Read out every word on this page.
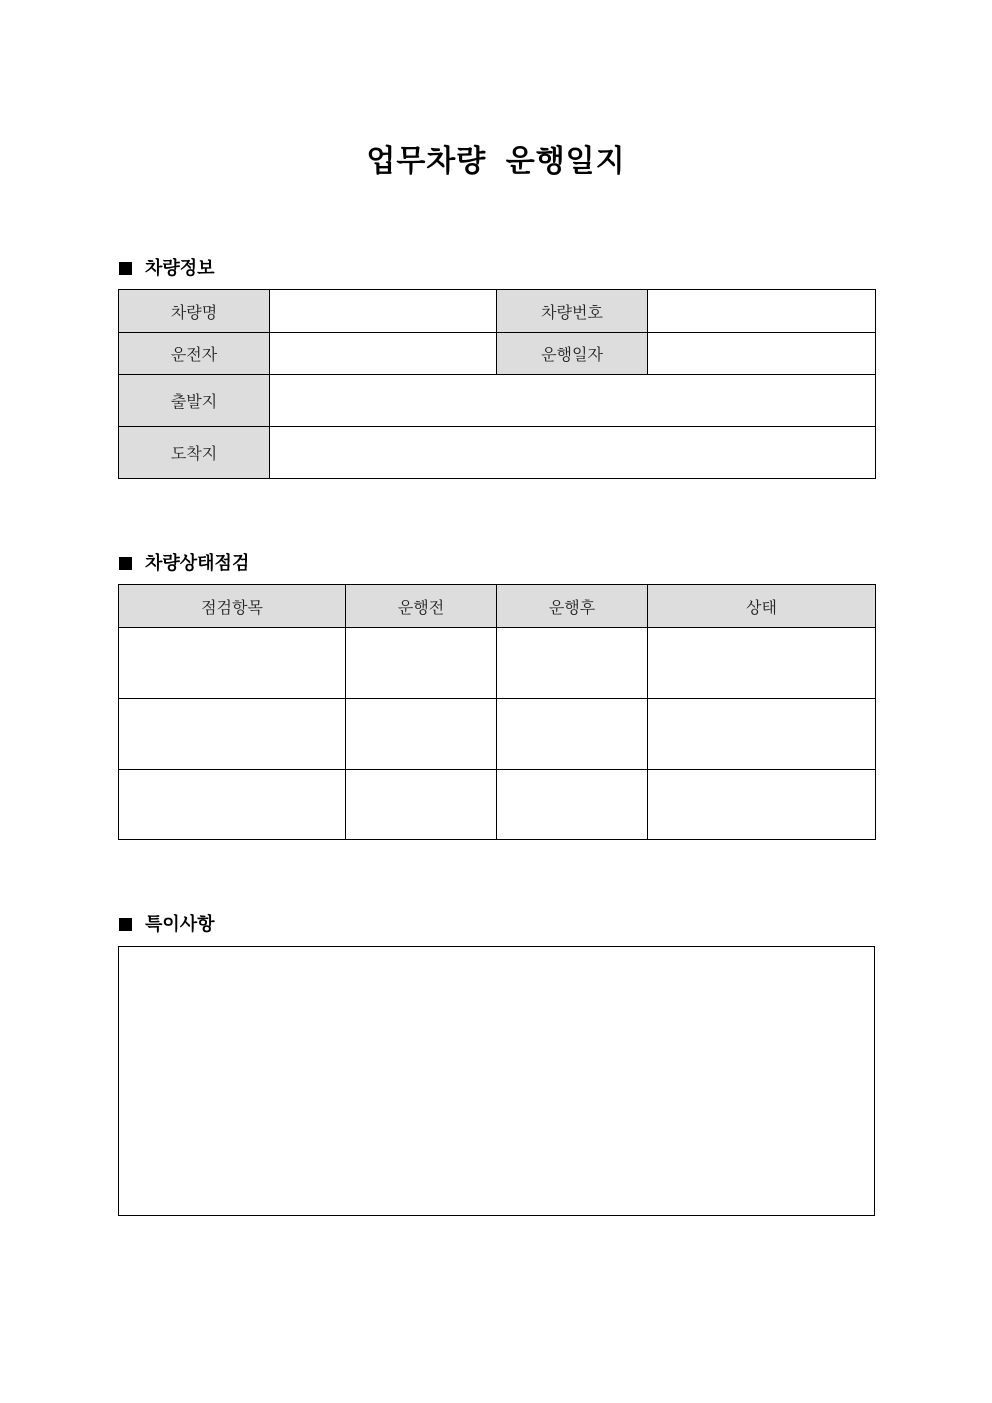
업무차량 운행일지
차량정보
차량명		차량번호	
운전자		운행일자	
출발지			
도착지			
차량상태점검
점검항목	운행전	운행후	상태

특이사항
